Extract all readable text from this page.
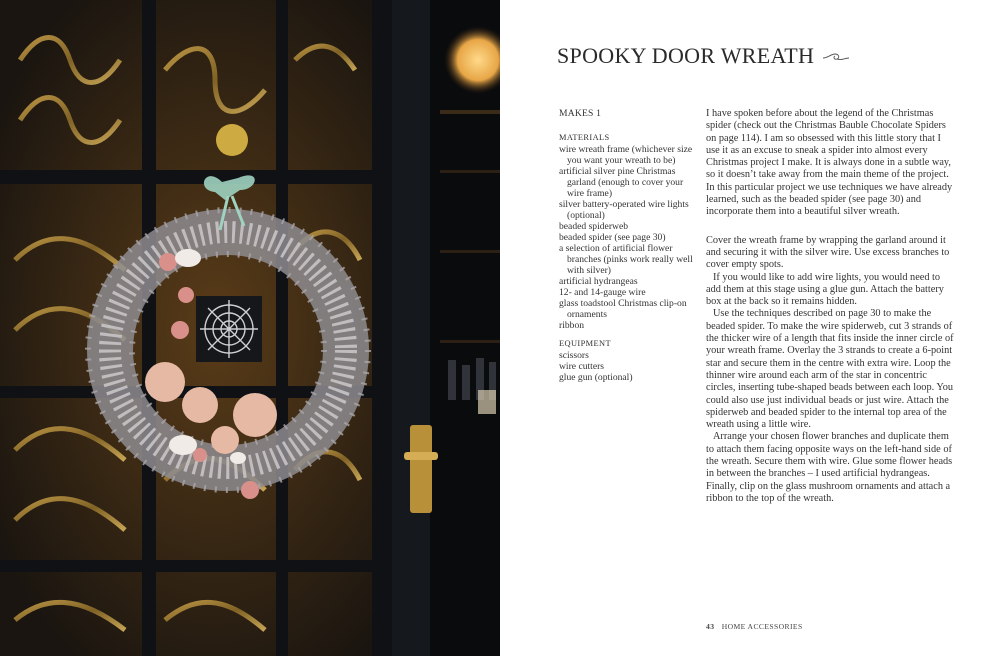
SPOOKY DOOR WREATH
MAKES 1
MATERIALS
wire wreath frame (whichever size you want your wreath to be)
artificial silver pine Christmas garland (enough to cover your wire frame)
silver battery-operated wire lights (optional)
beaded spiderweb
beaded spider (see page 30)
a selection of artificial flower branches (pinks work really well with silver)
artificial hydrangeas
12- and 14-gauge wire
glass toadstool Christmas clip-on ornaments
ribbon
EQUIPMENT
scissors
wire cutters
glue gun (optional)

I have spoken before about the legend of the Christmas spider (check out the Christmas Bauble Chocolate Spiders on page 114). I am so obsessed with this little story that I use it as an excuse to sneak a spider into almost every Christmas project I make. It is always done in a subtle way, so it doesn’t take away from the main theme of the project. In this particular project we use techniques we have already learned, such as the beaded spider (see page 30) and incorporate them into a beautiful silver wreath.

Cover the wreath frame by wrapping the garland around it and securing it with the silver wire. Use excess branches to cover empty spots.

If you would like to add wire lights, you would need to add them at this stage using a glue gun. Attach the battery box at the back so it remains hidden.

Use the techniques described on page 30 to make the beaded spider. To make the wire spiderweb, cut 3 strands of the thicker wire of a length that fits inside the inner circle of your wreath frame. Overlay the 3 strands to create a 6-point star and secure them in the centre with extra wire. Loop the thinner wire around each arm of the star in concentric circles, inserting tube-shaped beads between each loop. You could also use just individual beads or just wire. Attach the spiderweb and beaded spider to the internal top area of the wreath using a little wire.

Arrange your chosen flower branches and duplicate them to attach them facing opposite ways on the left-hand side of the wreath. Secure them with wire. Glue some flower heads in between the branches – I used artificial hydrangeas. Finally, clip on the glass mushroom ornaments and attach a ribbon to the top of the wreath.

43 HOME ACCESSORIES
